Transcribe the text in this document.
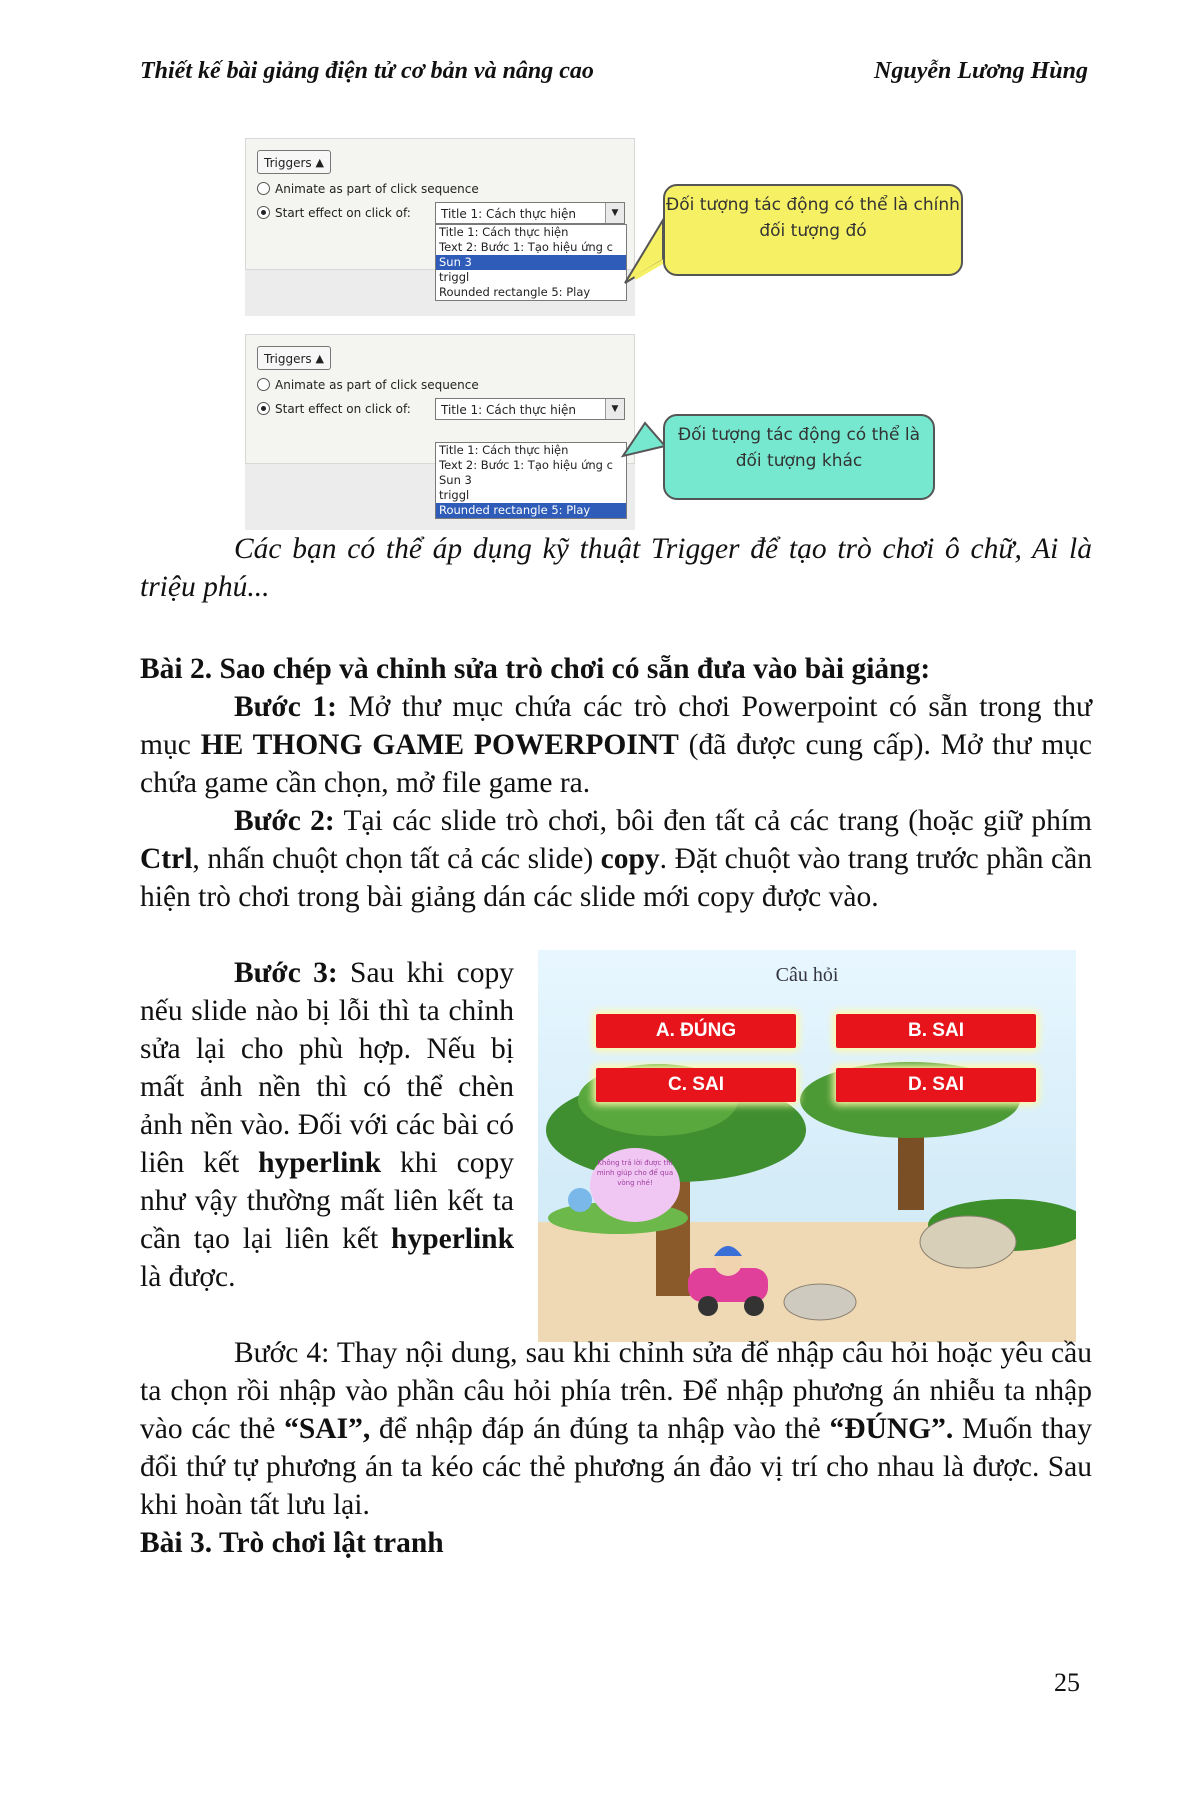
Thiết kế bài giảng điện tử cơ bản và nâng cao	Nguyễn Lương Hùng
Triggers ▲
Animate as part of click sequence
Start effect on click of:	Title 1: Cách thực hiện	▼
Title 1: Cách thực hiện
Text 2: Bước 1: Tạo hiệu ứng c
Sun 3
triggl
Rounded rectangle 5: Play
Triggers ▲
Animate as part of click sequence
Start effect on click of:	Title 1: Cách thực hiện	▼
Title 1: Cách thực hiện
Text 2: Bước 1: Tạo hiệu ứng c
Sun 3
triggl
Rounded rectangle 5: Play
Đối tượng tác động có thể là chính đối tượng đó
Đối tượng tác động có thể là đối tượng khác
Các bạn có thể áp dụng kỹ thuật Trigger để tạo trò chơi ô chữ, Ai là triệu phú...
Bài 2. Sao chép và chỉnh sửa trò chơi có sẵn đưa vào bài giảng:
Bước 1: Mở thư mục chứa các trò chơi Powerpoint có sẵn trong thư mục HE THONG GAME POWERPOINT (đã được cung cấp). Mở thư mục chứa game cần chọn, mở file game ra.
Bước 2: Tại các slide trò chơi, bôi đen tất cả các trang (hoặc giữ phím Ctrl, nhấn chuột chọn tất cả các slide) copy. Đặt chuột vào trang trước phần cần hiện trò chơi trong bài giảng dán các slide mới copy được vào.
Bước 3: Sau khi copy nếu slide nào bị lỗi thì ta chỉnh sửa lại cho phù hợp. Nếu bị mất ảnh nền thì có thể chèn ảnh nền vào. Đối với các bài có liên kết hyperlink khi copy như vậy thường mất liên kết ta cần tạo lại liên kết hyperlink là được.
Câu hỏi
A. ĐÚNG	B. SAI
C. SAI	D. SAI
Không trả lời được thì mình giúp cho để qua vòng nhé!
Bước 4: Thay nội dung, sau khi chỉnh sửa để nhập câu hỏi hoặc yêu cầu ta chọn rồi nhập vào phần câu hỏi phía trên. Để nhập phương án nhiễu ta nhập vào các thẻ “SAI”, để nhập đáp án đúng ta nhập vào thẻ “ĐÚNG”. Muốn thay đổi thứ tự phương án ta kéo các thẻ phương án đảo vị trí cho nhau là được. Sau khi hoàn tất lưu lại.
Bài 3. Trò chơi lật tranh
25
